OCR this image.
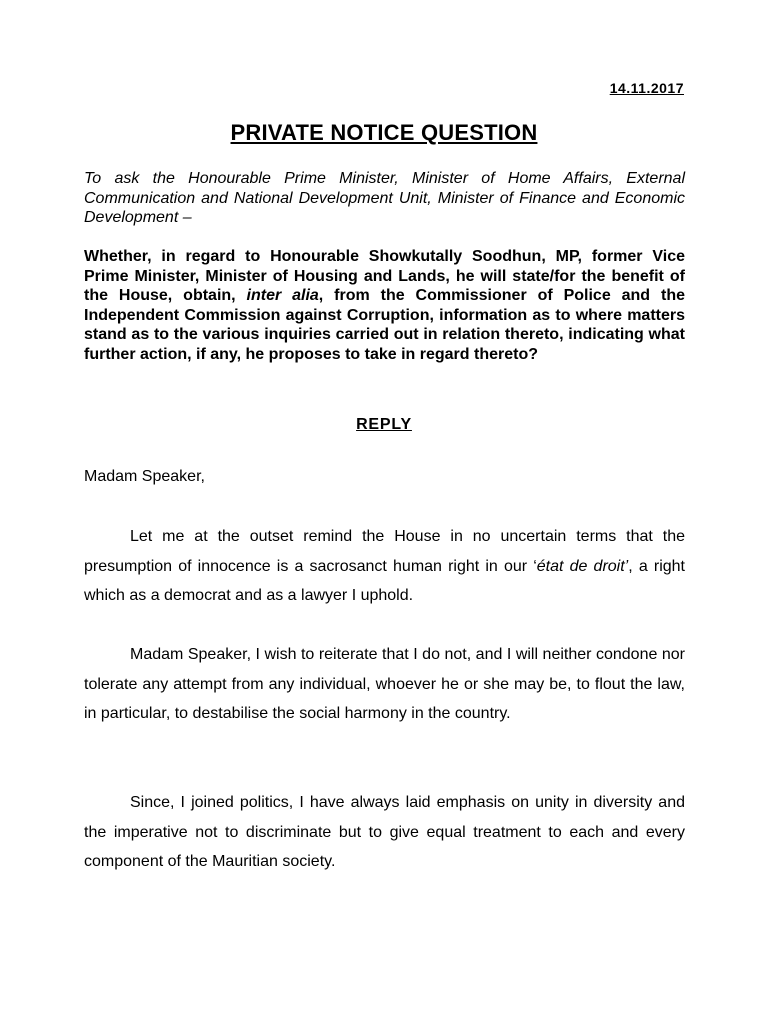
14.11.2017
PRIVATE NOTICE QUESTION
To ask the Honourable Prime Minister, Minister of Home Affairs, External Communication and National Development Unit, Minister of Finance and Economic Development –
Whether, in regard to Honourable Showkutally Soodhun, MP, former Vice Prime Minister, Minister of Housing and Lands, he will state/for the benefit of the House, obtain, inter alia, from the Commissioner of Police and the Independent Commission against Corruption, information as to where matters stand as to the various inquiries carried out in relation thereto, indicating what further action, if any, he proposes to take in regard thereto?
REPLY
Madam Speaker,
Let me at the outset remind the House in no uncertain terms that the presumption of innocence is a sacrosanct human right in our ‘état de droit’, a right which as a democrat and as a lawyer I uphold.
Madam Speaker, I wish to reiterate that I do not, and I will neither condone nor tolerate any attempt from any individual, whoever he or she may be, to flout the law, in particular, to destabilise the social harmony in the country.
Since, I joined politics, I have always laid emphasis on unity in diversity and the imperative not to discriminate but to give equal treatment to each and every component of the Mauritian society.
